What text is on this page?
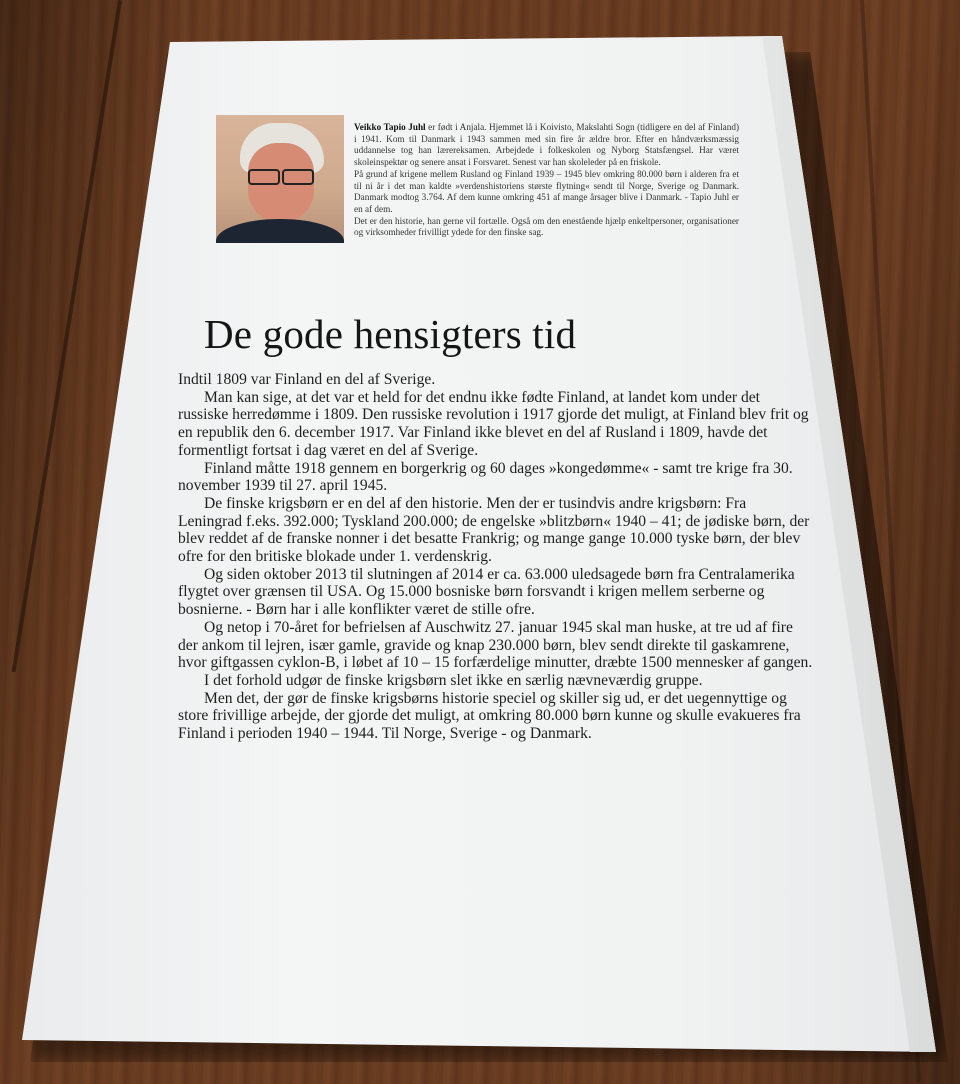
Veikko Tapio Juhl er født i Anjala. Hjemmet lå i Koivisto, Makslahti Sogn (tidligere en del af Finland) i 1941. Kom til Danmark i 1943 sammen med sin fire år ældre bror. Efter en håndværksmæssig uddannelse tog han lærereksamen. Arbejdede i folkeskolen og Nyborg Statsfængsel. Har været skoleinspektør og senere ansat i Forsvaret. Senest var han skoleleder på en friskole.

På grund af krigene mellem Rusland og Finland 1939 – 1945 blev omkring 80.000 børn i alderen fra et til ni år i det man kaldte »verdenshistoriens største flytning« sendt til Norge, Sverige og Danmark. Danmark modtog 3.764. Af dem kunne omkring 451 af mange årsager blive i Danmark. - Tapio Juhl er en af dem.

Det er den historie, han gerne vil fortælle. Også om den enestående hjælp enkeltpersoner, organisationer og virksomheder frivilligt ydede for den finske sag.

De gode hensigters tid

Indtil 1809 var Finland en del af Sverige.

Man kan sige, at det var et held for det endnu ikke fødte Finland, at landet kom under det russiske herredømme i 1809. Den russiske revolution i 1917 gjorde det muligt, at Finland blev frit og en republik den 6. december 1917. Var Finland ikke blevet en del af Rusland i 1809, havde det formentligt fortsat i dag været en del af Sverige.

Finland måtte 1918 gennem en borgerkrig og 60 dages »kongedømme« - samt tre krige fra 30. november 1939 til 27. april 1945.

De finske krigsbørn er en del af den historie. Men der er tusindvis andre krigsbørn: Fra Leningrad f.eks. 392.000; Tyskland 200.000; de engelske »blitzbørn« 1940 – 41; de jødiske børn, der blev reddet af de franske nonner i det besatte Frankrig; og mange gange 10.000 tyske børn, der blev ofre for den britiske blokade under 1. verdenskrig.

Og siden oktober 2013 til slutningen af 2014 er ca. 63.000 uledsagede børn fra Centralamerika flygtet over grænsen til USA. Og 15.000 bosniske børn forsvandt i krigen mellem serberne og bosnierne. - Børn har i alle konflikter været de stille ofre.

Og netop i 70-året for befrielsen af Auschwitz 27. januar 1945 skal man huske, at tre ud af fire der ankom til lejren, især gamle, gravide og knap 230.000 børn, blev sendt direkte til gaskamrene, hvor giftgassen cyklon-B, i løbet af 10 – 15 forfærdelige minutter, dræbte 1500 mennesker af gangen.

I det forhold udgør de finske krigsbørn slet ikke en særlig nævneværdig gruppe.

Men det, der gør de finske krigsbørns historie speciel og skiller sig ud, er det uegennyttige og store frivillige arbejde, der gjorde det muligt, at omkring 80.000 børn kunne og skulle evakueres fra Finland i perioden 1940 – 1944. Til Norge, Sverige - og Danmark.
